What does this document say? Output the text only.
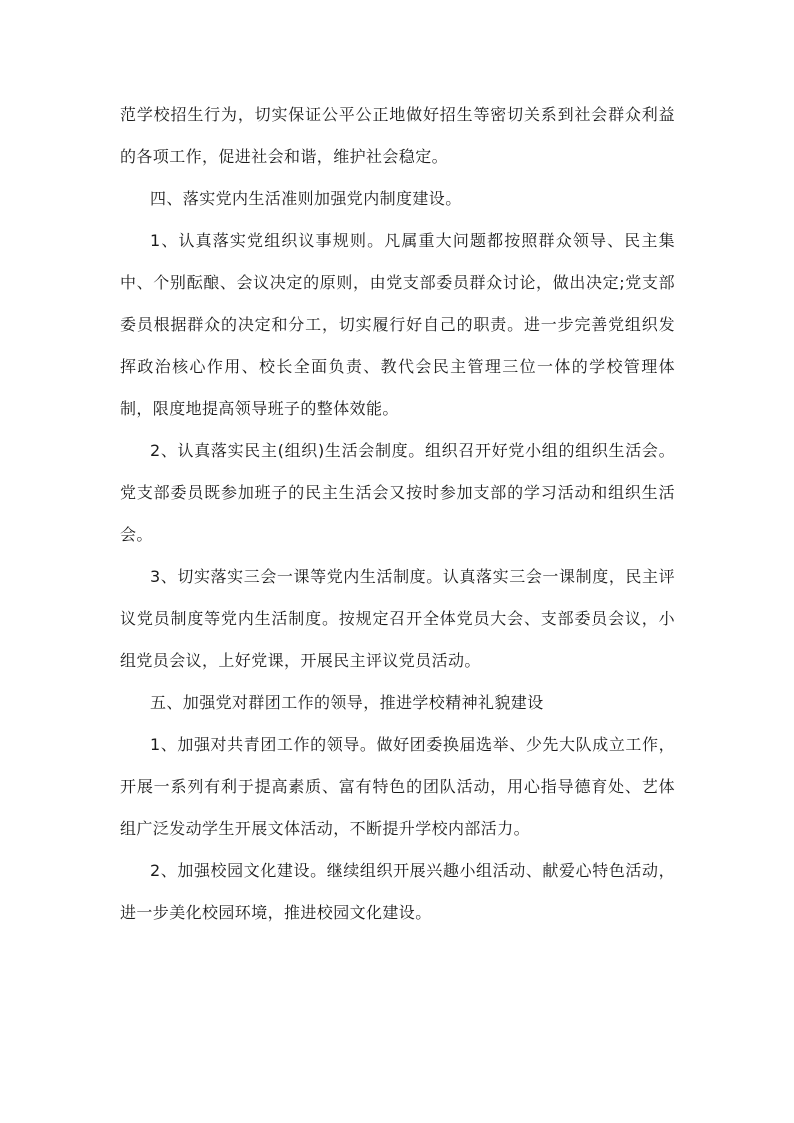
范学校招生行为，切实保证公平公正地做好招生等密切关系到社会群众利益的各项工作，促进社会和谐，维护社会稳定。

四、落实党内生活准则加强党内制度建设。

1、认真落实党组织议事规则。凡属重大问题都按照群众领导、民主集中、个别酝酿、会议决定的原则，由党支部委员群众讨论，做出决定;党支部委员根据群众的决定和分工，切实履行好自己的职责。进一步完善党组织发挥政治核心作用、校长全面负责、教代会民主管理三位一体的学校管理体制，限度地提高领导班子的整体效能。

2、认真落实民主(组织)生活会制度。组织召开好党小组的组织生活会。党支部委员既参加班子的民主生活会又按时参加支部的学习活动和组织生活会。

3、切实落实三会一课等党内生活制度。认真落实三会一课制度，民主评议党员制度等党内生活制度。按规定召开全体党员大会、支部委员会议，小组党员会议，上好党课，开展民主评议党员活动。

五、加强党对群团工作的领导，推进学校精神礼貌建设

1、加强对共青团工作的领导。做好团委换届选举、少先大队成立工作，开展一系列有利于提高素质、富有特色的团队活动，用心指导德育处、艺体组广泛发动学生开展文体活动，不断提升学校内部活力。

2、加强校园文化建设。继续组织开展兴趣小组活动、献爱心特色活动，进一步美化校园环境，推进校园文化建设。
